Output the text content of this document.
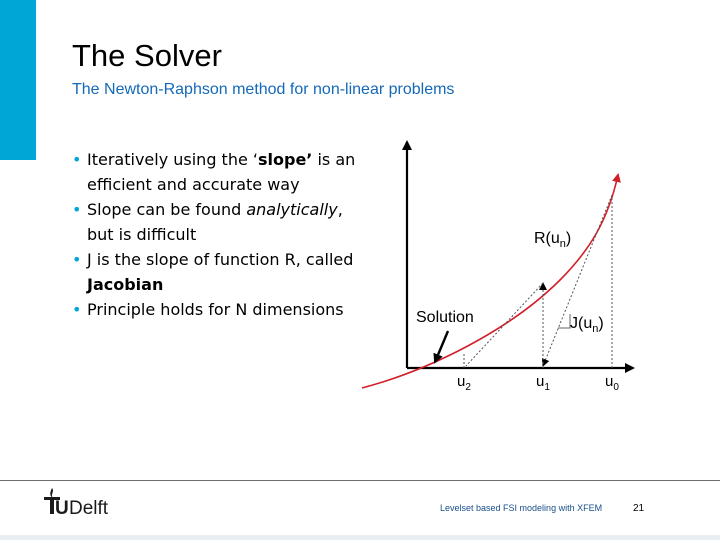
The Solver
The Newton-Raphson method for non-linear problems
• Iteratively using the ‘slope’ is an efficient and accurate way
• Slope can be found analytically, but is difficult
• J is the slope of function R, called Jacobian
• Principle holds for N dimensions
$R(u_n)$
Solution	$J(u_n)$
$u_2$	$u_1$	$u_0$
U Delft	Levelset based FSI modeling with XFEM	21
